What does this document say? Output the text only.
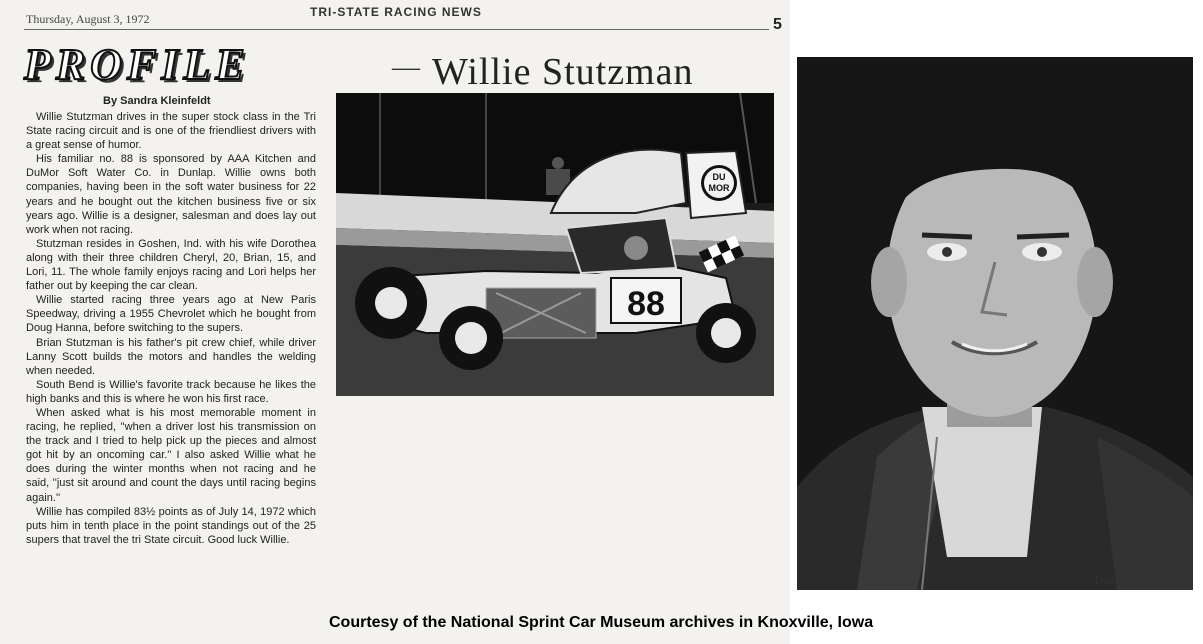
Thursday, August 3, 1972	TRI-STATE RACING NEWS
5
PROFILE	— Willie Stutzman
By Sandra Kleinfeldt

Willie Stutzman drives in the super stock class in the Tri State racing circuit and is one of the friendliest drivers with a great sense of humor.

His familiar no. 88 is sponsored by AAA Kitchen and DuMor Soft Water Co. in Dunlap. Willie owns both companies, having been in the soft water business for 22 years and he bought out the kitchen business five or six years ago. Willie is a designer, salesman and does lay out work when not racing.

Stutzman resides in Goshen, Ind. with his wife Dorothea along with their three children Cheryl, 20, Brian, 15, and Lori, 11. The whole family enjoys racing and Lori helps her father out by keeping the car clean.

Willie started racing three years ago at New Paris Speedway, driving a 1955 Chevrolet which he bought from Doug Hanna, before switching to the supers.

Brian Stutzman is his father's pit crew chief, while driver Lanny Scott builds the motors and handles the welding when needed.

South Bend is Willie's favorite track because he likes the high banks and this is where he won his first race.

When asked what is his most memorable moment in racing, he replied, ''when a driver lost his transmission on the track and I tried to help pick up the pieces and almost got hit by an oncoming car.'' I also asked Willie what he does during the winter months when not racing and he said, ''just sit around and count the days until racing begins again.''

Willie has compiled 83½ points as of July 14, 1972 which puts him in tenth place in the point standings out of the 25 supers that travel the tri State circuit. Good luck Willie.

DU
MOR
88
Dick Price Photos
Courtesy of the National Sprint Car Museum archives in Knoxville, Iowa
